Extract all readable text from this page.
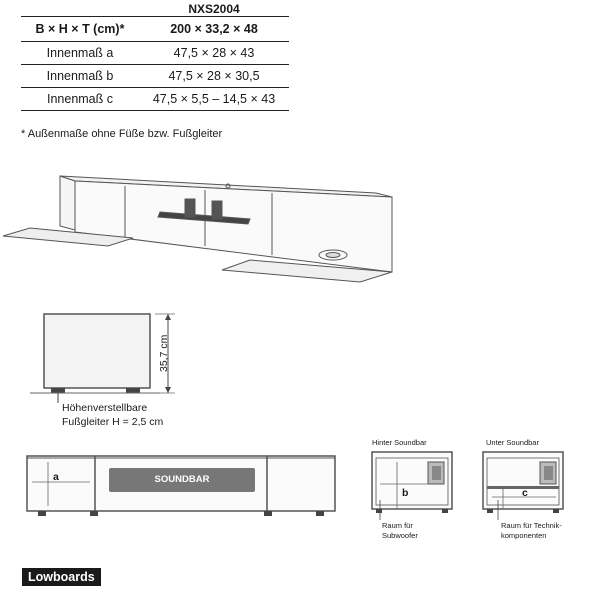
NXS2004
B × H × T (cm)*	200 × 33,2 × 48
Innenmaß a	47,5 × 28 × 43
Innenmaß b	47,5 × 28 × 30,5
Innenmaß c	47,5 × 5,5 – 14,5 × 43
* Außenmaße ohne Füße bzw. Fußgleiter
35,7 cm
Höhenverstellbare
Fußgleiter H = 2,5 cm
a	SOUNDBAR
Hinter Soundbar
b
Raum für
Subwoofer
Unter Soundbar
c
Raum für Technik-
komponenten
Lowboards
